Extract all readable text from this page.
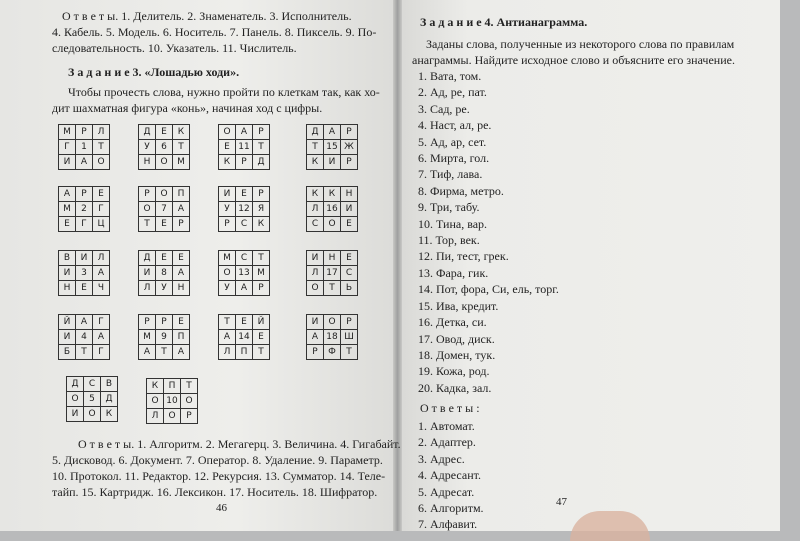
О т в е т ы. 1. Делитель. 2. Знаменатель. 3. Исполнитель.
4. Кабель. 5. Модель. 6. Носитель. 7. Панель. 8. Пиксель. 9. По-
следовательность. 10. Указатель. 11. Числитель.
З а д а н и е 3. «Лошадью ходи».
Чтобы прочесть слова, нужно пройти по клеткам так, как хо-
дит шахматная фигура «конь», начиная ход с цифры.
М	Р	Л
Г	1	Т
И	А	О
Д	Е	К
У	6	Т
Н	О	М
О	А	Р
Е	11	Т
К	Р	Д
Д	А	Р
Т	15	Ж
К	И	Р
А	Р	Е
М	2	Г
Е	Г	Ц
Р	О	П
О	7	А
Т	Е	Р
И	Е	Р
У	12	Я
Р	С	К
К	К	Н
Л	16	И
С	О	Е
В	И	Л
И	3	А
Н	Е	Ч
Д	Е	Е
И	8	А
Л	У	Н
М	С	Т
О	13	М
У	А	Р
И	Н	Е
Л	17	С
О	Т	Ь
Й	А	Г
И	4	А
Б	Т	Г
Р	Р	Е
М	9	П
А	Т	А
Т	Е	Й
А	14	Е
Л	П	Т
И	О	Р
А	18	Ш
Р	Ф	Т
Д	С	В
О	5	Д
И	О	К
К	П	Т
О	10	О
Л	О	Р
О т в е т ы. 1. Алгоритм. 2. Мегагерц. 3. Величина. 4. Гигабайт.
5. Дисковод. 6. Документ. 7. Оператор. 8. Удаление. 9. Параметр.
10. Протокол. 11. Редактор. 12. Рекурсия. 13. Сумматор. 14. Теле-
тайп. 15. Картридж. 16. Лексикон. 17. Носитель. 18. Шифратор.
46
З а д а н и е 4. Антианаграмма.
Заданы слова, полученные из некоторого слова по правилам
анаграммы. Найдите исходное слово и объясните его значение.
1. Вата, том.
2. Ад, ре, пат.
3. Сад, ре.
4. Наст, ал, ре.
5. Ад, ар, сет.
6. Мирта, гол.
7. Тиф, лава.
8. Фирма, метро.
9. Три, табу.
10. Тина, вар.
11. Тор, век.
12. Пи, тест, грек.
13. Фара, гик.
14. Пот, фора, Си, ель, торг.
15. Ива, кредит.
16. Детка, си.
17. Овод, диск.
18. Домен, тук.
19. Кожа, род.
20. Кадка, зал.
О т в е т ы :
1. Автомат.
2. Адаптер.
3. Адрес.
4. Адресант.
5. Адресат.
6. Алгоритм.
7. Алфавит.
47
